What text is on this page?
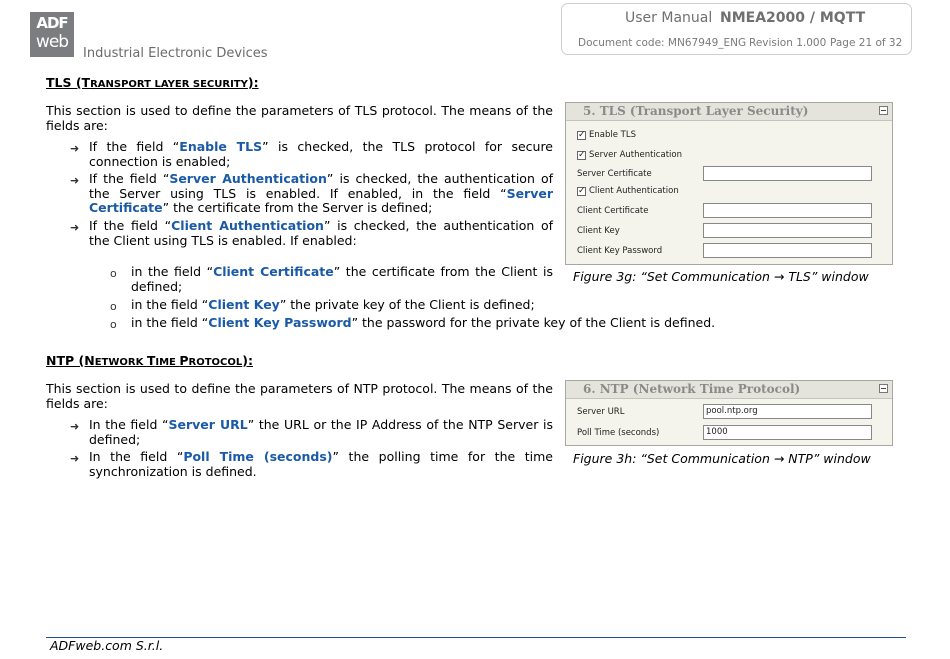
ADF
web
Industrial Electronic Devices
User Manual NMEA2000 / MQTT
Document code: MN67949_ENG Revision 1.000 Page 21 of 32
TLS (TRANSPORT LAYER SECURITY):
This section is used to define the parameters of TLS protocol. The means of the fields are:
➜ If the field “Enable TLS” is checked, the TLS protocol for secure connection is enabled;
➜ If the field “Server Authentication” is checked, the authentication of the Server using TLS is enabled. If enabled, in the field “Server Certificate” the certificate from the Server is defined;
➜ If the field “Client Authentication” is checked, the authentication of the Client using TLS is enabled. If enabled:
o in the field “Client Certificate” the certificate from the Client is defined;
o in the field “Client Key” the private key of the Client is defined;
o in the field “Client Key Password” the password for the private key of the Client is defined.
5. TLS (Transport Layer Security)
✓ Enable TLS
✓ Server Authentication
Server Certificate
✓ Client Authentication
Client Certificate
Client Key
Client Key Password
Figure 3g: “Set Communication → TLS” window
NTP (NETWORK TIME PROTOCOL):
This section is used to define the parameters of NTP protocol. The means of the fields are:
➜ In the field “Server URL” the URL or the IP Address of the NTP Server is defined;
➜ In the field “Poll Time (seconds)” the polling time for the time synchronization is defined.
6. NTP (Network Time Protocol)
Server URL	pool.ntp.org
Poll Time (seconds)	1000
Figure 3h: “Set Communication → NTP” window
ADFweb.com S.r.l.
